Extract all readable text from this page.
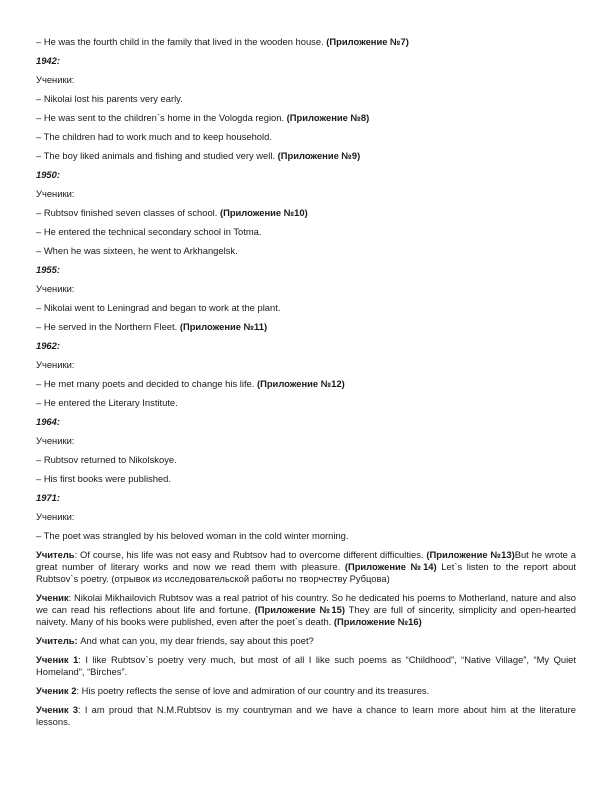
– He was the fourth child in the family that lived in the wooden house. (Приложение №7)
1942:
Ученики:
– Nikolai lost his parents very early.
– He was sent to the children`s home in the Vologda region. (Приложение №8)
– The children had to work much and to keep household.
– The boy liked animals and fishing and studied very well. (Приложение №9)
1950:
Ученики:
– Rubtsov finished seven classes of school. (Приложение №10)
– He entered the technical secondary school in Totma.
– When he was sixteen, he went to Arkhangelsk.
1955:
Ученики:
– Nikolai went to Leningrad and began to work at the plant.
– He served in the Northern Fleet. (Приложение №11)
1962:
Ученики:
– He met many poets and decided to change his life. (Приложение №12)
– He entered the Literary Institute.
1964:
Ученики:
– Rubtsov returned to Nikolskoye.
– His first books were published.
1971:
Ученики:
– The poet was strangled by his beloved woman in the cold winter morning.
Учитель: Of course, his life was not easy and Rubtsov had to overcome different difficulties. (Приложение №13)But he wrote a great number of literary works and now we read them with pleasure. (Приложение №14) Let`s listen to the report about Rubtsov`s poetry. (отрывок из исследовательской работы по творчеству Рубцова)
Ученик: Nikolai Mikhailovich Rubtsov was a real patriot of his country. So he dedicated his poems to Motherland, nature and also we can read his reflections about life and fortune. (Приложение №15) They are full of sincerity, simplicity and open-hearted naivety. Many of his books were published, even after the poet`s death. (Приложение №16)
Учитель: And what can you, my dear friends, say about this poet?
Ученик 1: I like Rubtsov`s poetry very much, but most of all I like such poems as “Childhood”, “Native Village”, “My Quiet Homeland”, “Birches”.
Ученик 2: His poetry reflects the sense of love and admiration of our country and its treasures.
Ученик 3: I am proud that N.M.Rubtsov is my countryman and we have a chance to learn more about him at the literature lessons.
